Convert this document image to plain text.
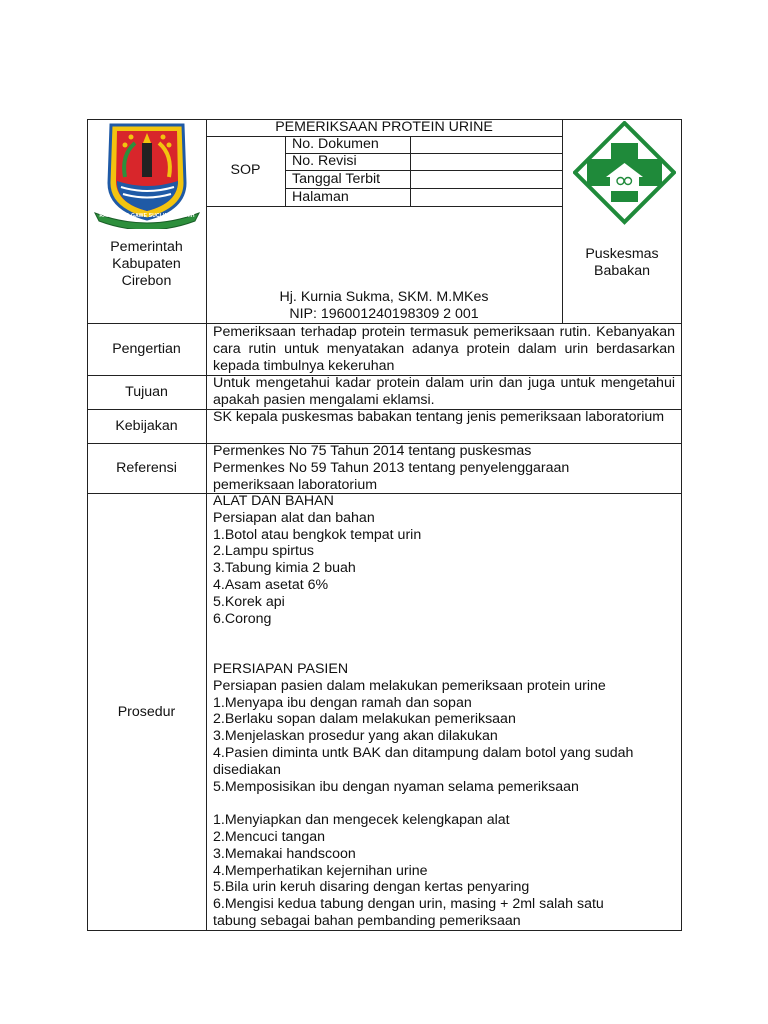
RAMPE ING GAWE SUCI ING PAMRIH
Pemerintah
Kabupaten
Cirebon
PEMERIKSAAN PROTEIN URINE
SOP
No. Dokumen
No. Revisi
Tanggal Terbit
Halaman
Hj. Kurnia Sukma, SKM. M.MKes
NIP: 196001240198309 2 001
Puskesmas
Babakan
Pengertian
Pemeriksaan terhadap protein termasuk pemeriksaan rutin. Kebanyakan cara rutin untuk menyatakan adanya protein dalam urin berdasarkan kepada timbulnya kekeruhan
Tujuan
Untuk mengetahui kadar protein dalam urin dan juga untuk mengetahui apakah pasien mengalami eklamsi.
Kebijakan
SK kepala puskesmas babakan tentang jenis pemeriksaan laboratorium
Referensi
Permenkes No 75 Tahun 2014 tentang puskesmas
Permenkes No 59 Tahun 2013 tentang penyelenggaraan
pemeriksaan laboratorium
Prosedur
ALAT DAN BAHAN
Persiapan alat dan bahan
1.Botol atau bengkok tempat urin
2.Lampu spirtus
3.Tabung kimia 2 buah
4.Asam asetat 6%
5.Korek api
6.Corong

PERSIAPAN PASIEN
Persiapan pasien dalam melakukan pemeriksaan protein urine
1.Menyapa ibu dengan ramah dan sopan
2.Berlaku sopan dalam melakukan pemeriksaan
3.Menjelaskan prosedur yang akan dilakukan
4.Pasien diminta untk BAK dan ditampung dalam botol yang sudah
disediakan
5.Memposisikan ibu dengan nyaman selama pemeriksaan

1.Menyiapkan dan mengecek kelengkapan alat
2.Mencuci tangan
3.Memakai handscoon
4.Memperhatikan kejernihan urine
5.Bila urin keruh disaring dengan kertas penyaring
6.Mengisi kedua tabung dengan urin, masing + 2ml salah satu
tabung sebagai bahan pembanding pemeriksaan
